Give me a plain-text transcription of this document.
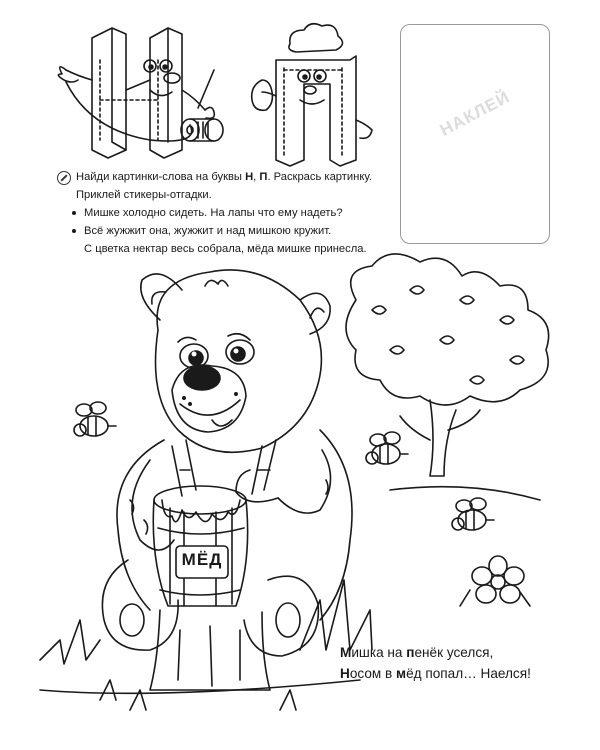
МЁД
НАКЛЕЙ
Найди картинки-слова на буквы Н, П. Раскрась картинку.
Приклей стикеры-отгадки.
Мишке холодно сидеть. На лапы что ему надеть?
Всё жужжит она, жужжит и над мишкою кружит.
С цветка нектар весь собрала, мёда мишке принесла.
Мишка на пенёк уселся,
Носом в мёд попал… Наелся!
